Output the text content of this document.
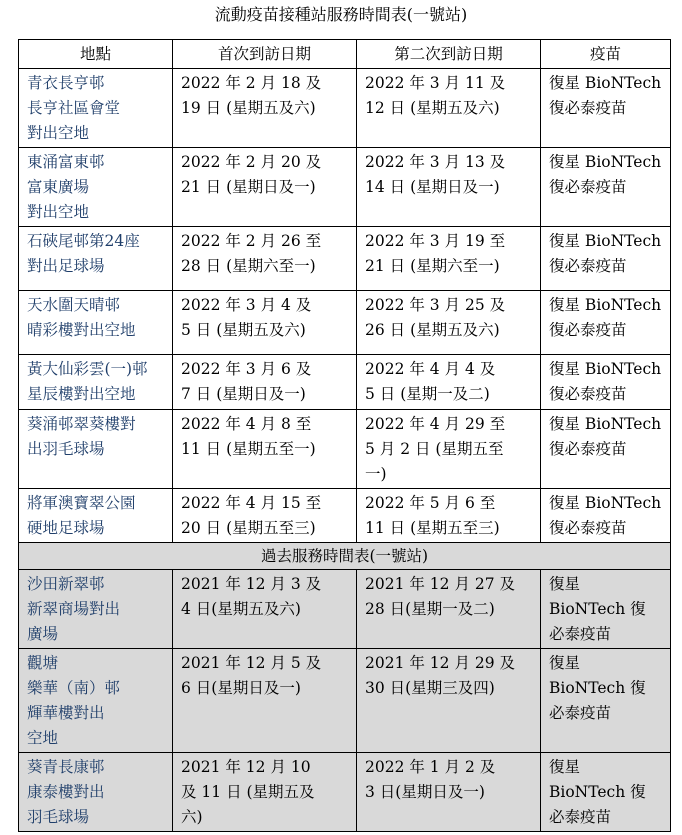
流動疫苗接種站服務時間表(一號站)
地點	首次到訪日期	第二次到訪日期	疫苗

青衣長亨邨
長亨社區會堂
對出空地	2022 年 2 月 18 及
19 日 (星期五及六)	2022 年 3 月 11 及
12 日 (星期五及六)	復星 BioNTech
復必泰疫苗

東涌富東邨
富東廣場
對出空地	2022 年 2 月 20 及
21 日 (星期日及一)	2022 年 3 月 13 及
14 日 (星期日及一)	復星 BioNTech
復必泰疫苗

石硤尾邨第24座
對出足球場	2022 年 2 月 26 至
28 日 (星期六至一)	2022 年 3 月 19 至
21 日 (星期六至一)	復星 BioNTech
復必泰疫苗

天水圍天晴邨
晴彩樓對出空地	2022 年 3 月 4 及
5 日 (星期五及六)	2022 年 3 月 25 及
26 日 (星期五及六)	復星 BioNTech
復必泰疫苗

黃大仙彩雲(一)邨
星辰樓對出空地	2022 年 3 月 6 及
7 日 (星期日及一)	2022 年 4 月 4 及
5 日 (星期一及二)	復星 BioNTech
復必泰疫苗

葵涌邨翠葵樓對
出羽毛球場	2022 年 4 月 8 至
11 日 (星期五至一)	2022 年 4 月 29 至
5 月 2 日 (星期五至
一)	復星 BioNTech
復必泰疫苗

將軍澳寶翠公園
硬地足球場	2022 年 4 月 15 至
20 日 (星期五至三)	2022 年 5 月 6 至
11 日 (星期五至三)	復星 BioNTech
復必泰疫苗

過去服務時間表(一號站)			

沙田新翠邨
新翠商場對出
廣場	2021 年 12 月 3 及
4 日(星期五及六)	2021 年 12 月 27 及
28 日(星期一及二)	復星
BioNTech 復
必泰疫苗

觀塘
樂華（南）邨
輝華樓對出
空地	2021 年 12 月 5 及
6 日(星期日及一)	2021 年 12 月 29 及
30 日(星期三及四)	復星
BioNTech 復
必泰疫苗

葵青長康邨
康泰樓對出
羽毛球場	2021 年 12 月 10
及 11 日 (星期五及
六)	2022 年 1 月 2 及
3 日(星期日及一)	復星
BioNTech 復
必泰疫苗
